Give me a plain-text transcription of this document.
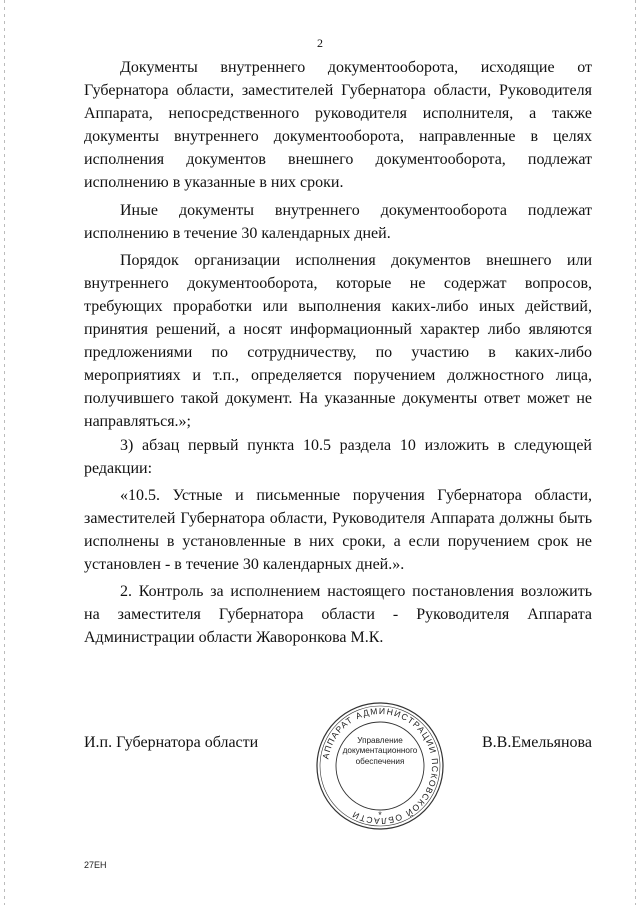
2

Документы внутреннего документооборота, исходящие от Губернатора области, заместителей Губернатора области, Руководителя Аппарата, непосредственного руководителя исполнителя, а также документы внутреннего документооборота, направленные в целях исполнения документов внешнего документооборота, подлежат исполнению в указанные в них сроки.

Иные документы внутреннего документооборота подлежат исполнению в течение 30 календарных дней.

Порядок организации исполнения документов внешнего или внутреннего документооборота, которые не содержат вопросов, требующих проработки или выполнения каких-либо иных действий, принятия решений, а носят информационный характер либо являются предложениями по сотрудничеству, по участию в каких-либо мероприятиях и т.п., определяется поручением должностного лица, получившего такой документ. На указанные документы ответ может не направляться.»;

3) абзац первый пункта 10.5 раздела 10 изложить в следующей редакции:

«10.5. Устные и письменные поручения Губернатора области, заместителей Губернатора области, Руководителя Аппарата должны быть исполнены в установленные в них сроки, а если поручением срок не установлен - в течение 30 календарных дней.».

2. Контроль за исполнением настоящего постановления возложить на заместителя Губернатора области - Руководителя Аппарата Администрации области Жаворонкова М.К.

И.п. Губернатора области	В.В.Емельянова
АППАРАТ АДМИНИСТРАЦИИ ПСКОВСКОЙ ОБЛАСТИ	*
Управление
документационного
обеспечения
27ЕН
